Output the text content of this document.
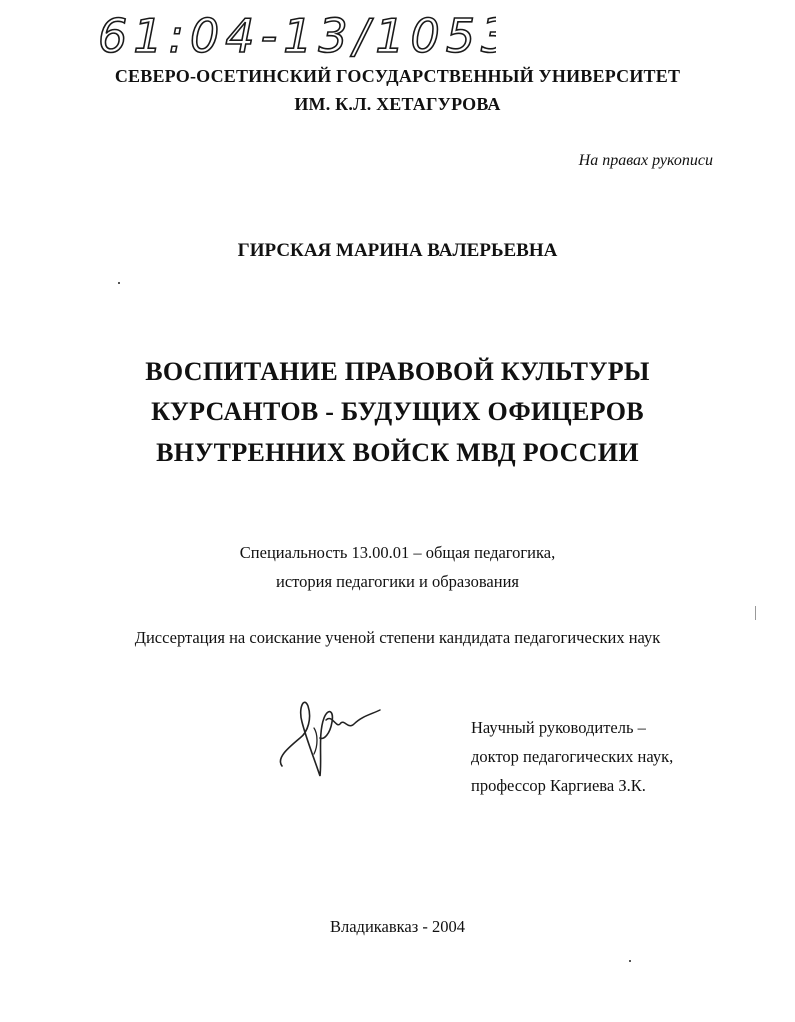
61:04-13/1053
СЕВЕРО-ОСЕТИНСКИЙ ГОСУДАРСТВЕННЫЙ УНИВЕРСИТЕТ
ИМ. К.Л. ХЕТАГУРОВА
На правах рукописи
ГИРСКАЯ МАРИНА ВАЛЕРЬЕВНА
ВОСПИТАНИЕ ПРАВОВОЙ КУЛЬТУРЫ
КУРСАНТОВ - БУДУЩИХ ОФИЦЕРОВ
ВНУТРЕННИХ ВОЙСК МВД РОССИИ
Специальность 13.00.01 – общая педагогика,
история педагогики и образования
Диссертация на соискание ученой степени кандидата педагогических наук
Научный руководитель –
доктор педагогических наук,
профессор Каргиева З.К.
Владикавказ - 2004
